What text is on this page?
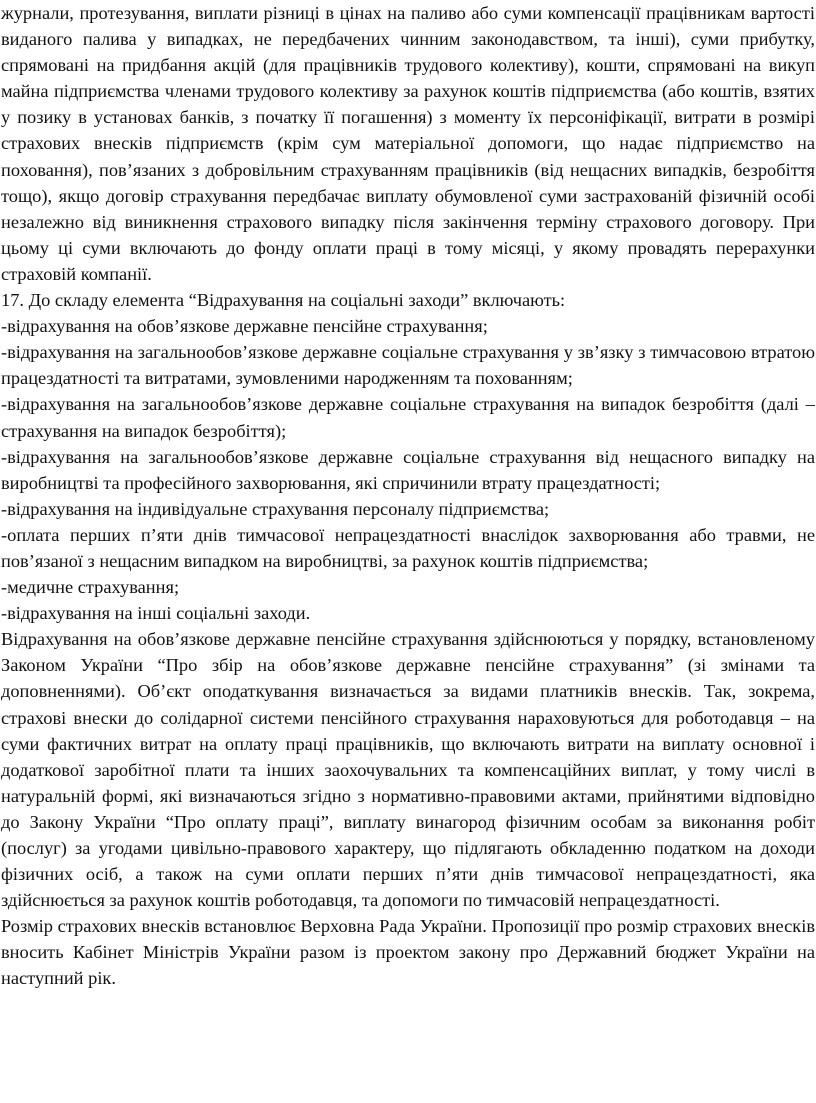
журнали, протезування, виплати різниці в цінах на паливо або суми компенсації працівникам вартості виданого палива у випадках, не передбачених чинним законодавством, та інші), суми прибутку, спрямовані на придбання акцій (для працівників трудового колективу), кошти, спрямовані на викуп майна підприємства членами трудового колективу за рахунок коштів підприємства (або коштів, взятих у позику в установах банків, з початку її погашення) з моменту їх персоніфікації, витрати в розмірі страхових внесків підприємств (крім сум матеріальної допомоги, що надає підприємство на поховання), пов’язаних з добровільним страхуванням працівників (від нещасних випадків, безробіття тощо), якщо договір страхування передбачає виплату обумовленої суми застрахованій фізичній особі незалежно від виникнення страхового випадку після закінчення терміну страхового договору. При цьому ці суми включають до фонду оплати праці в тому місяці, у якому провадять перерахунки страховій компанії.

17. До складу елемента “Відрахування на соціальні заходи” включають:

-відрахування на обов’язкове державне пенсійне страхування;

-відрахування на загальнообов’язкове державне соціальне страхування у зв’язку з тимчасовою втратою працездатності та витратами, зумовленими народженням та похованням;

-відрахування на загальнообов’язкове державне соціальне страхування на випадок безробіття (далі – страхування на випадок безробіття);

-відрахування на загальнообов’язкове державне соціальне страхування від нещасного випадку на виробництві та професійного захворювання, які спричинили втрату працездатності;

-відрахування на індивідуальне страхування персоналу підприємства;

-оплата перших п’яти днів тимчасової непрацездатності внаслідок захворювання або травми, не пов’язаної з нещасним випадком на виробництві, за рахунок коштів підприємства;

-медичне страхування;

-відрахування на інші соціальні заходи.

Відрахування на обов’язкове державне пенсійне страхування здійснюються у порядку, встановленому Законом України “Про збір на обов’язкове державне пенсійне страхування” (зі змінами та доповненнями). Об’єкт оподаткування визначається за видами платників внесків. Так, зокрема, страхові внески до солідарної системи пенсійного страхування нараховуються для роботодавця – на суми фактичних витрат на оплату праці працівників, що включають витрати на виплату основної і додаткової заробітної плати та інших заохочувальних та компенсаційних виплат, у тому числі в натуральній формі, які визначаються згідно з нормативно-правовими актами, прийнятими відповідно до Закону України “Про оплату праці”, виплату винагород фізичним особам за виконання робіт (послуг) за угодами цивільно-правового характеру, що підлягають обкладенню податком на доходи фізичних осіб, а також на суми оплати перших п’яти днів тимчасової непрацездатності, яка здійснюється за рахунок коштів роботодавця, та допомоги по тимчасовій непрацездатності.

Розмір страхових внесків встановлює Верховна Рада України. Пропозиції про розмір страхових внесків вносить Кабінет Міністрів України разом із проектом закону про Державний бюджет України на наступний рік.
